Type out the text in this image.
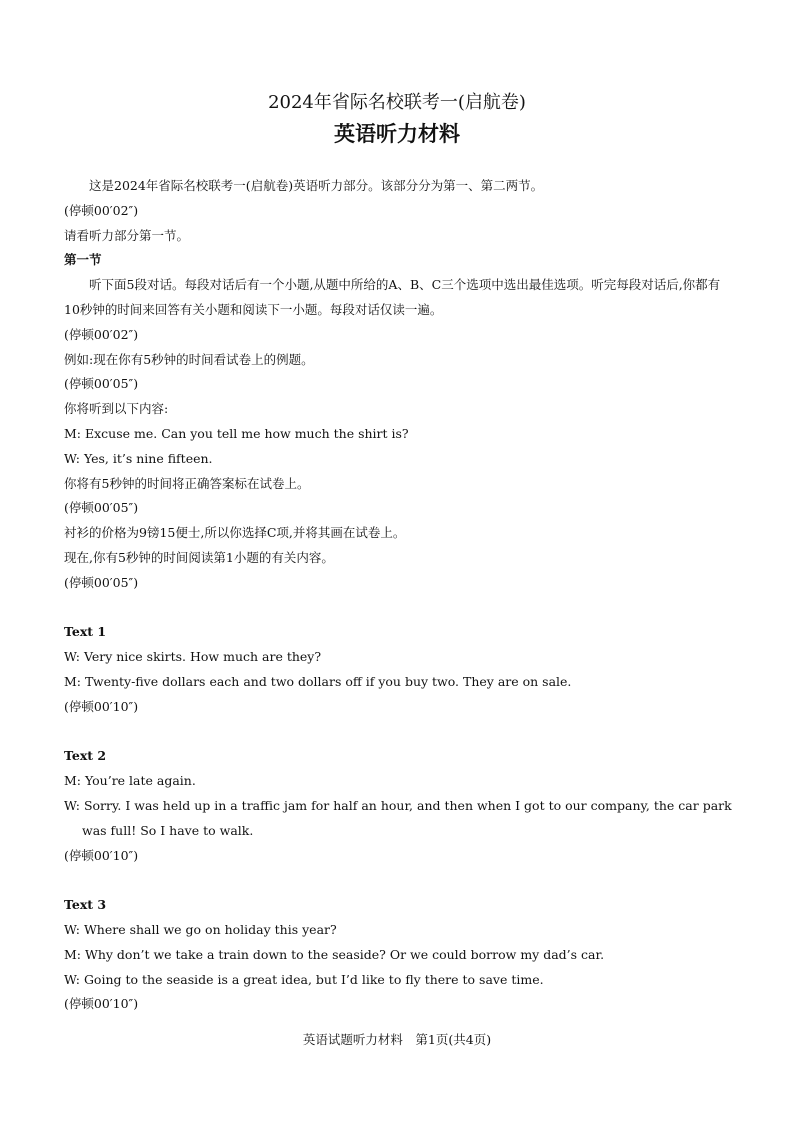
2024年省际名校联考一(启航卷)
英语听力材料
这是2024年省际名校联考一(启航卷)英语听力部分。该部分分为第一、第二两节。
(停顿00′02″)
请看听力部分第一节。
第一节
听下面5段对话。每段对话后有一个小题,从题中所给的A、B、C三个选项中选出最佳选项。听完每段对话后,你都有10秒钟的时间来回答有关小题和阅读下一小题。每段对话仅读一遍。
(停顿00′02″)
例如:现在你有5秒钟的时间看试卷上的例题。
(停顿00′05″)
你将听到以下内容:
M: Excuse me. Can you tell me how much the shirt is?
W: Yes, it’s nine fifteen.
你将有5秒钟的时间将正确答案标在试卷上。
(停顿00′05″)
衬衫的价格为9镑15便士,所以你选择C项,并将其画在试卷上。
现在,你有5秒钟的时间阅读第1小题的有关内容。
(停顿00′05″)
Text 1
W: Very nice skirts. How much are they?
M: Twenty-five dollars each and two dollars off if you buy two. They are on sale.
(停顿00′10″)
Text 2
M: You’re late again.
W: Sorry. I was held up in a traffic jam for half an hour, and then when I got to our company, the car park was full! So I have to walk.
(停顿00′10″)
Text 3
W: Where shall we go on holiday this year?
M: Why don’t we take a train down to the seaside? Or we could borrow my dad’s car.
W: Going to the seaside is a great idea, but I’d like to fly there to save time.
(停顿00′10″)
英语试题听力材料　第1页(共4页)
